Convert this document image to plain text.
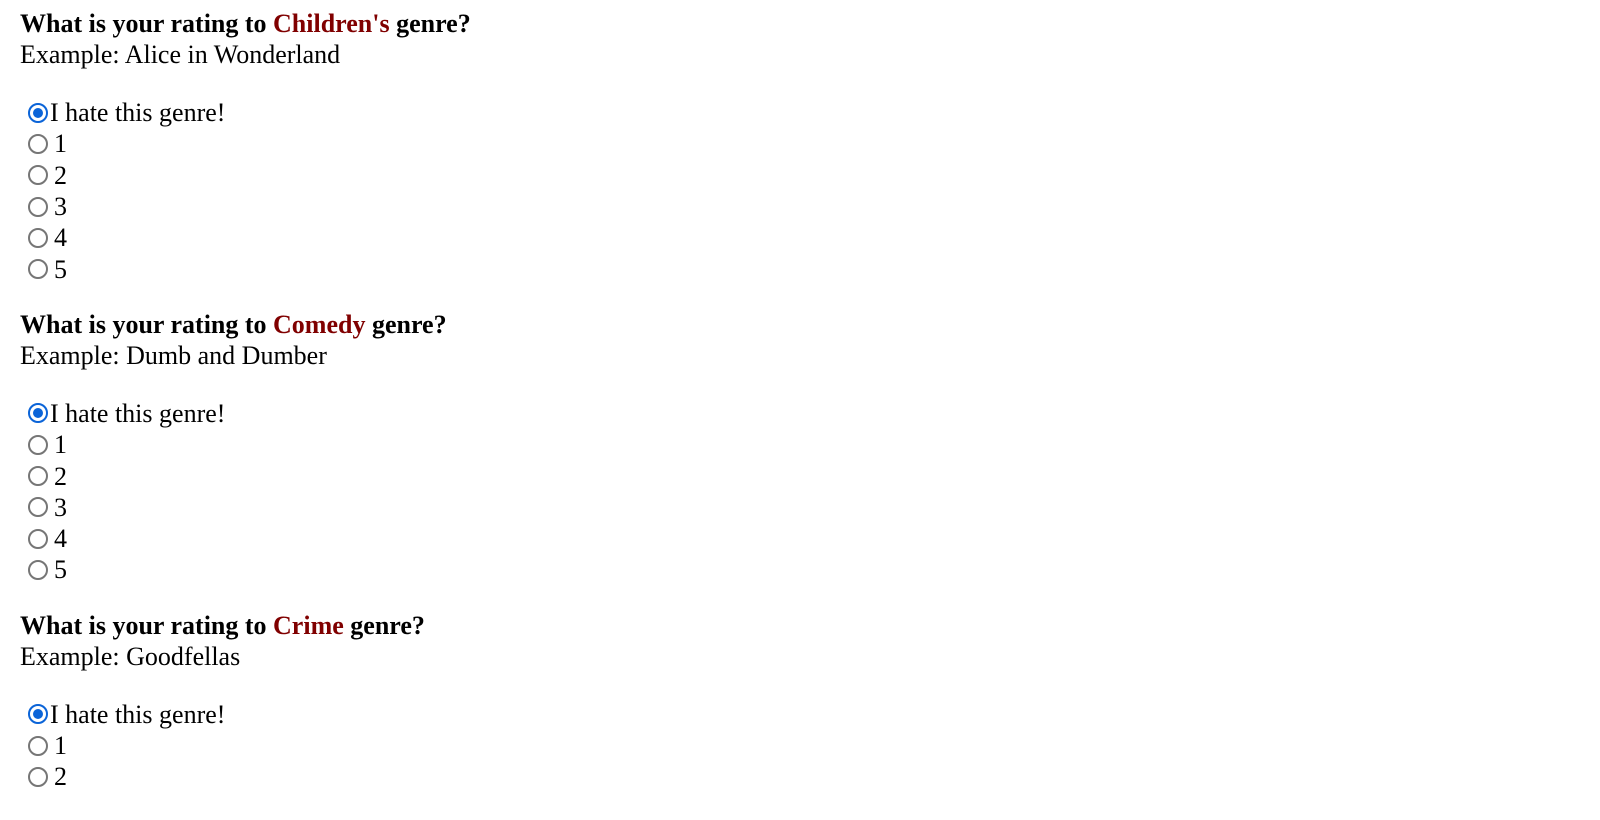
What is your rating to Children's genre?
Example: Alice in Wonderland
I hate this genre!
1
2
3
4
5
What is your rating to Comedy genre?
Example: Dumb and Dumber
I hate this genre!
1
2
3
4
5
What is your rating to Crime genre?
Example: Goodfellas
I hate this genre!
1
2
